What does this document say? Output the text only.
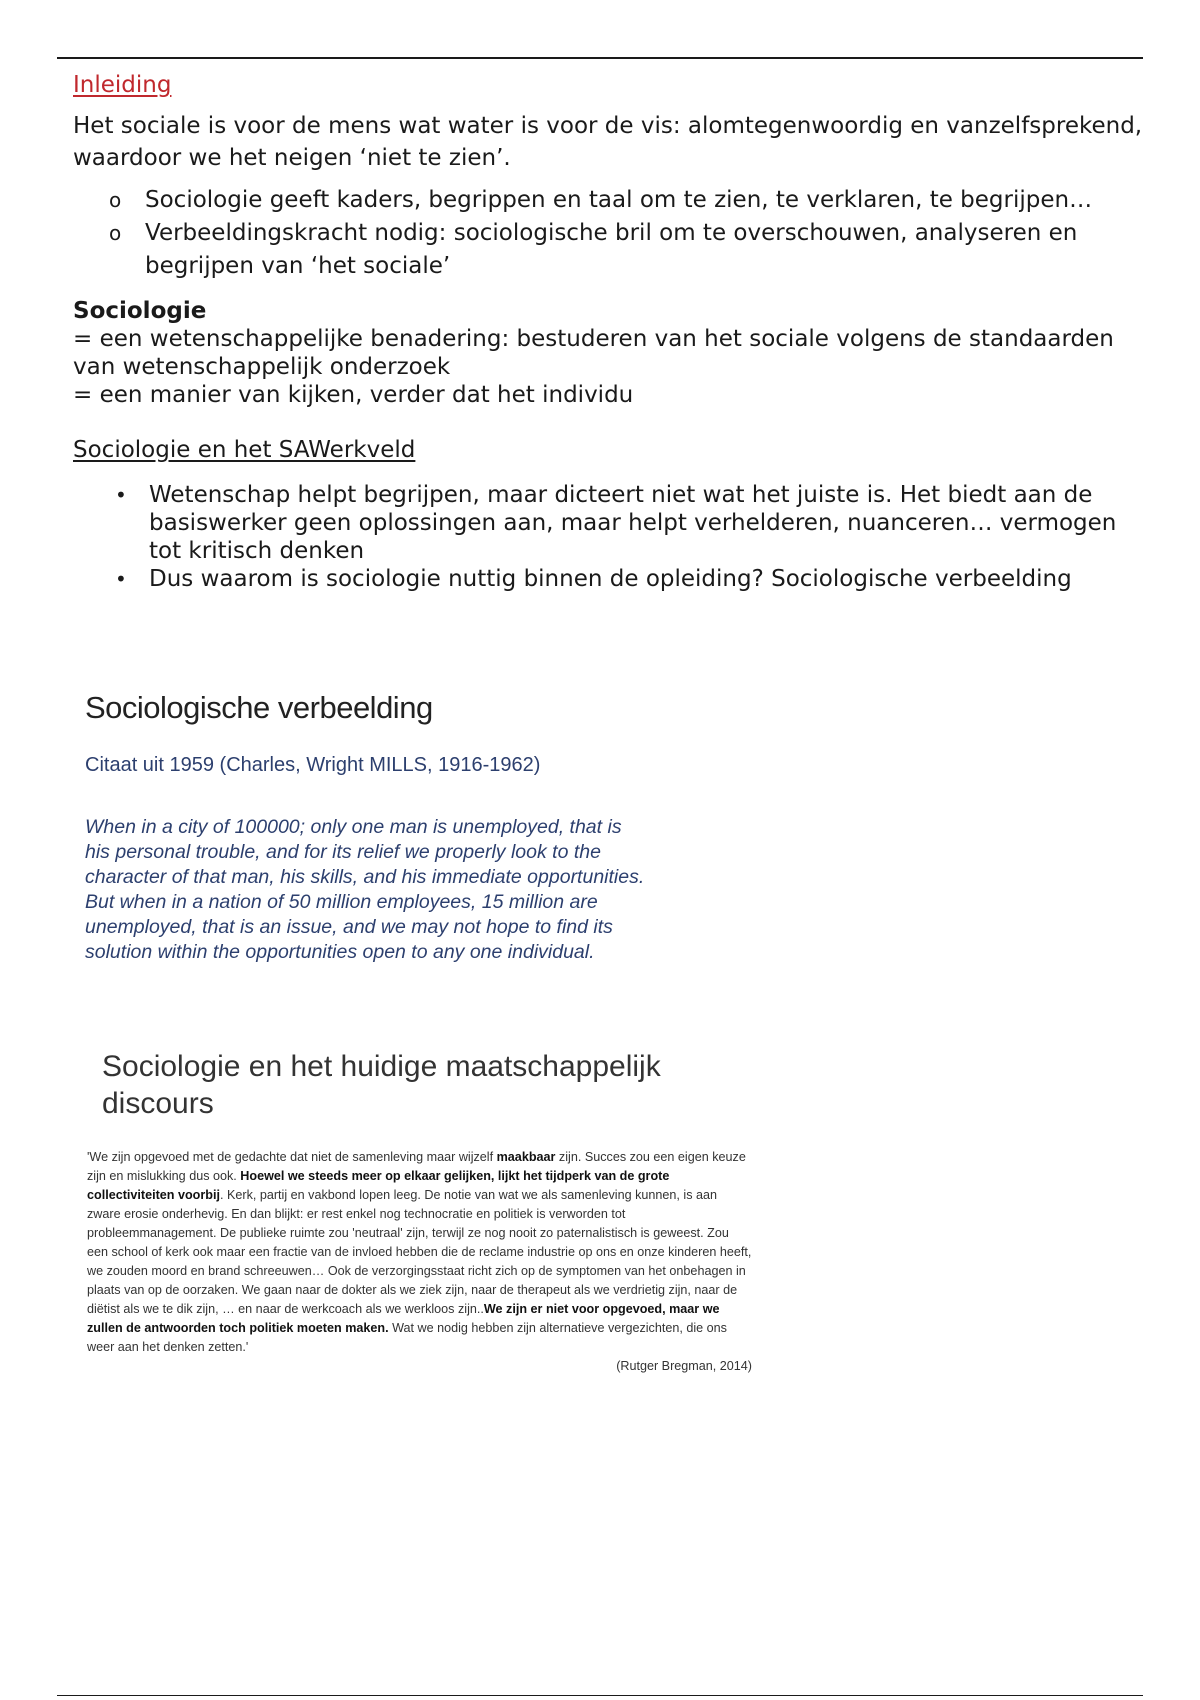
Inleiding

Het sociale is voor de mens wat water is voor de vis: alomtegenwoordig en vanzelfsprekend, waardoor we het neigen ‘niet te zien’.

o Sociologie geeft kaders, begrippen en taal om te zien, te verklaren, te begrijpen…
o Verbeeldingskracht nodig: sociologische bril om te overschouwen, analyseren en begrijpen van ‘het sociale’
Sociologie

= een wetenschappelijke benadering: bestuderen van het sociale volgens de standaarden van wetenschappelijk onderzoek

= een manier van kijken, verder dat het individu

Sociologie en het SAWerkveld
• Wetenschap helpt begrijpen, maar dicteert niet wat het juiste is. Het biedt aan de basiswerker geen oplossingen aan, maar helpt verhelderen, nuanceren… vermogen tot kritisch denken
• Dus waarom is sociologie nuttig binnen de opleiding? Sociologische verbeelding
Sociologische verbeelding
Citaat uit 1959 (Charles, Wright MILLS, 1916-1962)

When in a city of 100000; only one man is unemployed, that is his personal trouble, and for its relief we properly look to the character of that man, his skills, and his immediate opportunities. But when in a nation of 50 million employees, 15 million are unemployed, that is an issue, and we may not hope to find its solution within the opportunities open to any one individual.

Sociologie en het huidige maatschappelijk discours

'We zijn opgevoed met de gedachte dat niet de samenleving maar wijzelf maakbaar zijn. Succes zou een eigen keuze zijn en mislukking dus ook. Hoewel we steeds meer op elkaar gelijken, lijkt het tijdperk van de grote collectiviteiten voorbij. Kerk, partij en vakbond lopen leeg. De notie van wat we als samenleving kunnen, is aan zware erosie onderhevig. En dan blijkt: er rest enkel nog technocratie en politiek is verworden tot probleemmanagement. De publieke ruimte zou 'neutraal' zijn, terwijl ze nog nooit zo paternalistisch is geweest. Zou een school of kerk ook maar een fractie van de invloed hebben die de reclame industrie op ons en onze kinderen heeft, we zouden moord en brand schreeuwen… Ook de verzorgingsstaat richt zich op de symptomen van het onbehagen in plaats van op de oorzaken. We gaan naar de dokter als we ziek zijn, naar de therapeut als we verdrietig zijn, naar de diëtist als we te dik zijn, … en naar de werkcoach als we werkloos zijn..We zijn er niet voor opgevoed, maar we zullen de antwoorden toch politiek moeten maken. Wat we nodig hebben zijn alternatieve vergezichten, die ons weer aan het denken zetten.'

(Rutger Bregman, 2014)
